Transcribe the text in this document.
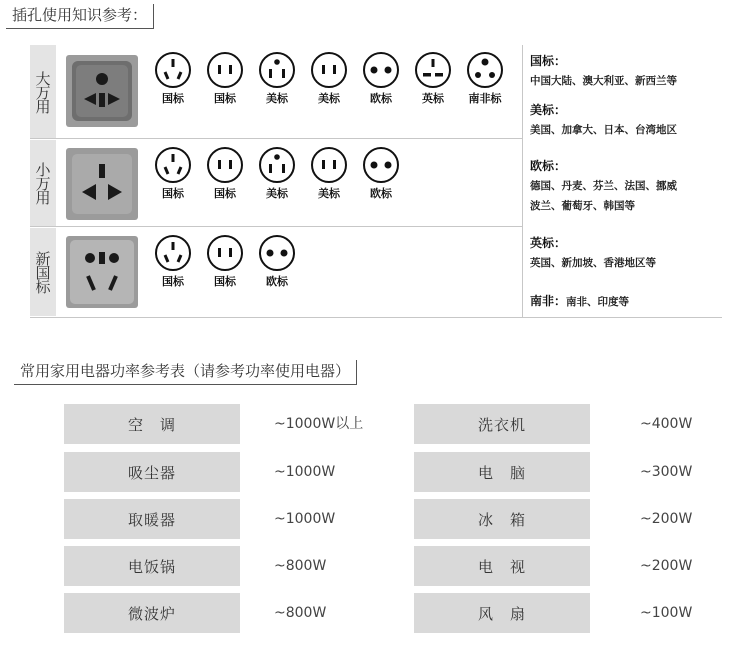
插孔使用知识参考：
大万用	国标	国标	美标	美标	欧标	英标	南非标
小万用	国标	国标	美标	美标	欧标
新国标	国标	国标	欧标
国标：
中国大陆、澳大利亚、新西兰等
美标：
美国、加拿大、日本、台湾地区
欧标：
德国、丹麦、芬兰、法国、挪威
波兰、葡萄牙、韩国等
英标：
英国、新加坡、香港地区等
南非：南非、印度等
常用家用电器功率参考表（请参考功率使用电器）
空　调	~1000W以上	洗衣机	~400W
吸尘器	~1000W	电　脑	~300W
取暖器	~1000W	冰　箱	~200W
电饭锅	~800W	电　视	~200W
微波炉	~800W	风　扇	~100W
